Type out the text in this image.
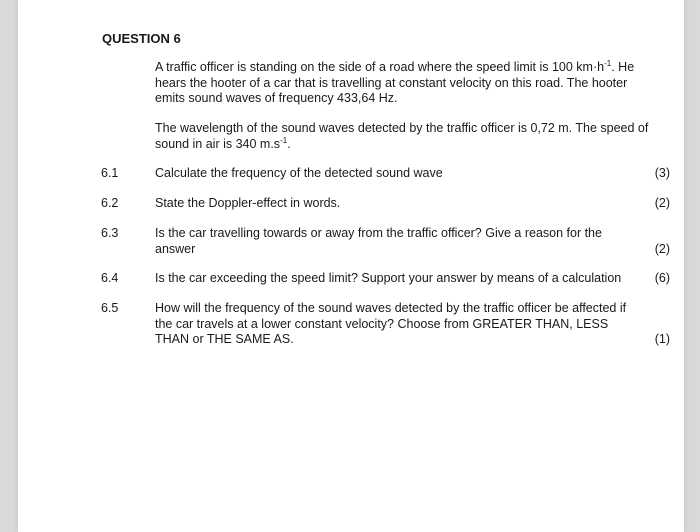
QUESTION 6
A traffic officer is standing on the side of a road where the speed limit is 100 $km\cdot h^{-1}$. He hears the hooter of a car that is travelling at constant velocity on this road. The hooter emits sound waves of frequency 433,64 Hz.
The wavelength of the sound waves detected by the traffic officer is 0,72 m. The speed of sound in air is 340 $m.s^{-1}$.
6.1	Calculate the frequency of the detected sound wave	(3)
6.2	State the Doppler-effect in words.	(2)
6.3	Is the car travelling towards or away from the traffic officer? Give a reason for the answer	(2)
6.4	Is the car exceeding the speed limit? Support your answer by means of a calculation	(6)
6.5	How will the frequency of the sound waves detected by the traffic officer be affected if the car travels at a lower constant velocity? Choose from GREATER THAN, LESS THAN or THE SAME AS.	(1)
